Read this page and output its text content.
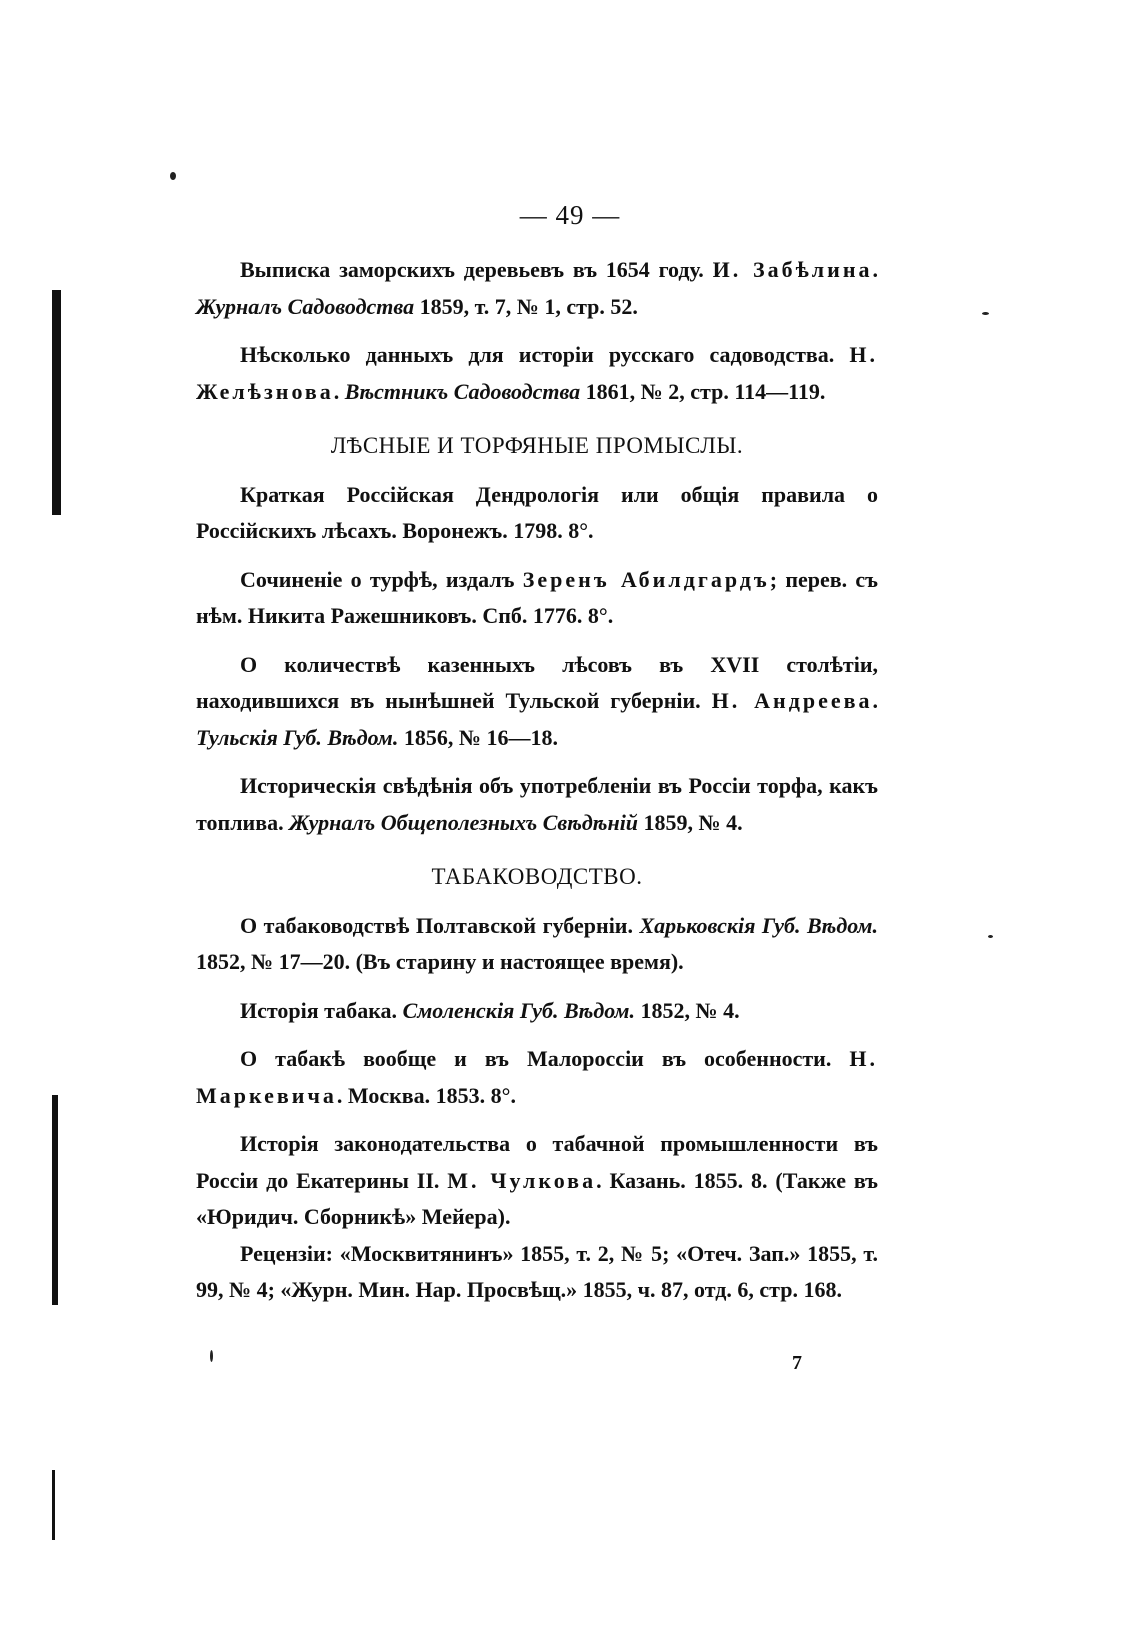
— 49 —

Выписка заморскихъ деревьевъ въ 1654 году. И. Забѣлина. Журналъ Садоводства 1859, т. 7, № 1, стр. 52.

Нѣсколько данныхъ для исторіи русскаго садоводства. Н. Желѣзнова. Вѣстникъ Садоводства 1861, № 2, стр. 114—119.

ЛѢСНЫЕ И ТОРФЯНЫЕ ПРОМЫСЛЫ.

Краткая Россійская Дендрологія или общія правила о Россійскихъ лѣсахъ. Воронежъ. 1798. 8°.

Сочиненіе о турфѣ, издалъ Зеренъ Абилдгардъ; перев. съ нѣм. Никита Ражешниковъ. Спб. 1776. 8°.

О количествѣ казенныхъ лѣсовъ въ XVII столѣтіи, находившихся въ нынѣшней Тульской губерніи. Н. Андреева. Тульскія Губ. Вѣдом. 1856, № 16—18.

Историческія свѣдѣнія объ употребленіи въ Россіи торфа, какъ топлива. Журналъ Общеполезныхъ Свѣдѣній 1859, № 4.

ТАБАКОВОДСТВО.

О табаководствѣ Полтавской губерніи. Харьковскія Губ. Вѣдом. 1852, № 17—20. (Въ старину и настоящее время).

Исторія табака. Смоленскія Губ. Вѣдом. 1852, № 4.

О табакѣ вообще и въ Малороссіи въ особенности. Н. Маркевича. Москва. 1853. 8°.

Исторія законодательства о табачной промышленности въ Россіи до Екатерины II. М. Чулкова. Казань. 1855. 8. (Также въ «Юридич. Сборникѣ» Мейера).

Рецензіи: «Москвитянинъ» 1855, т. 2, № 5; «Отеч. Зап.» 1855, т. 99, № 4; «Журн. Мин. Нар. Просвѣщ.» 1855, ч. 87, отд. 6, стр. 168.

7
